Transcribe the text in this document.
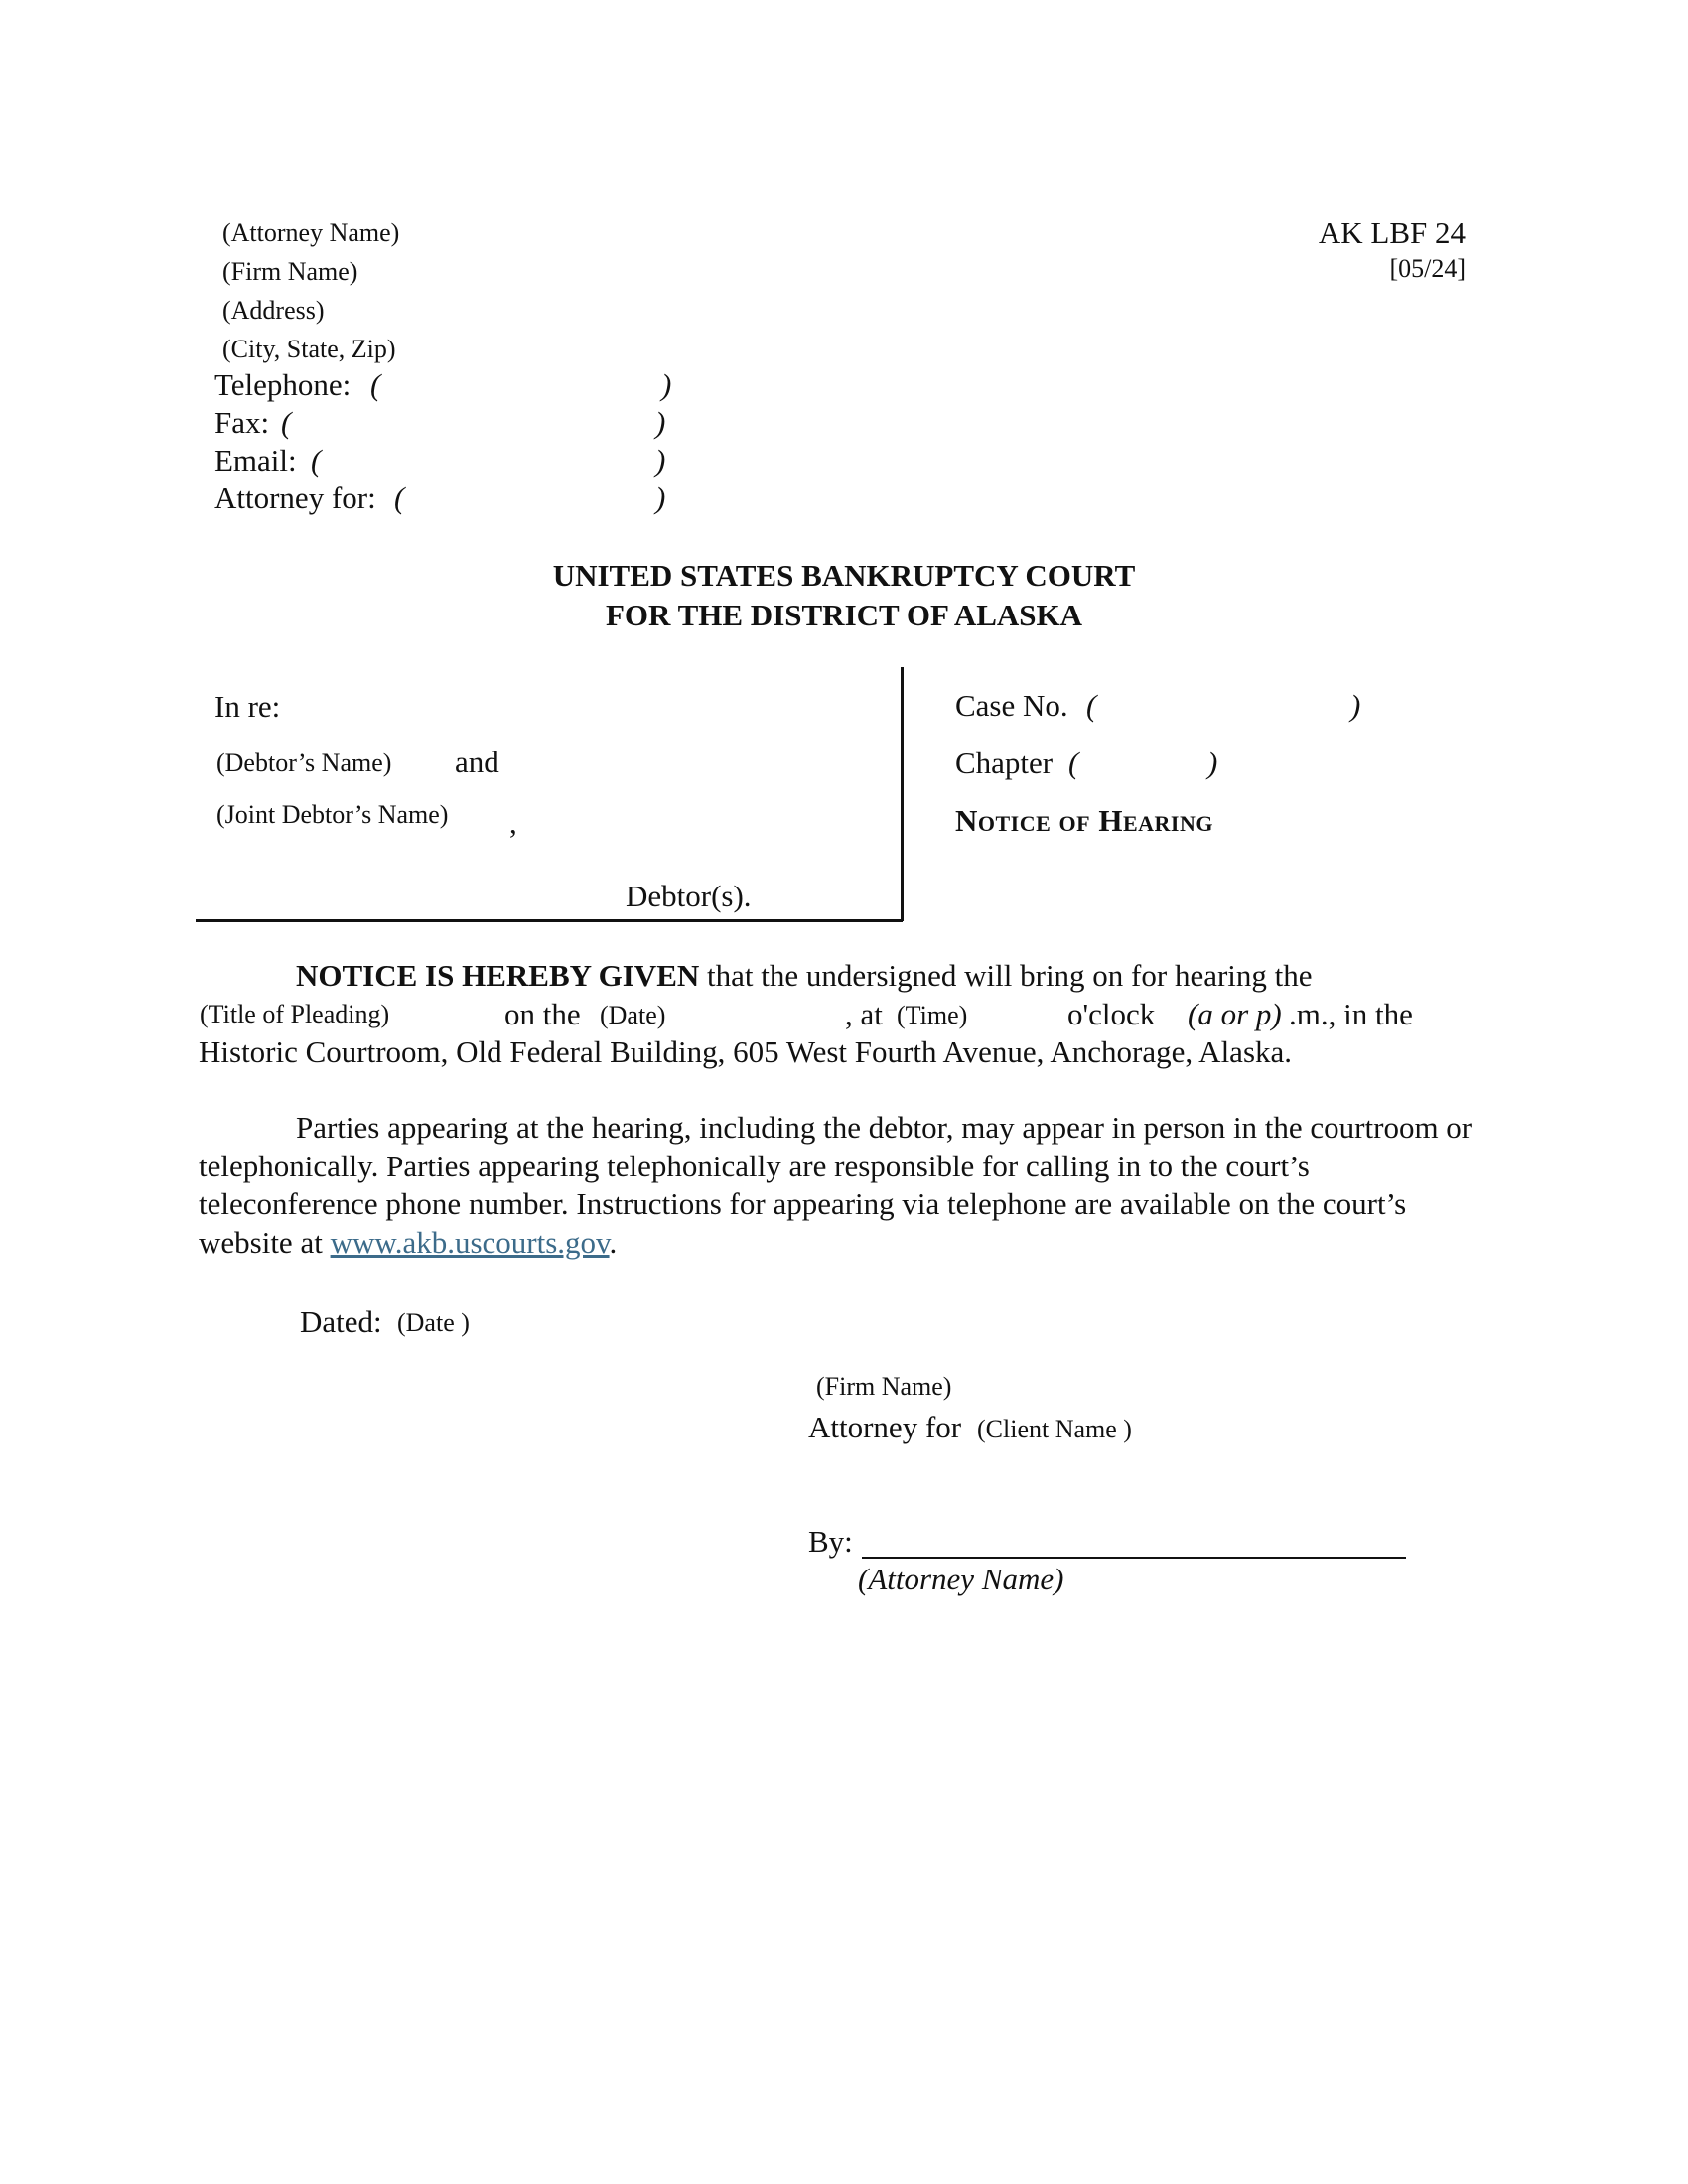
AK LBF 24
[05/24]
(Attorney Name)
(Firm Name)
(Address)
(City, State, Zip)
Telephone: (	)
Fax: (	)
Email: (	)
Attorney for: (	)
UNITED STATES BANKRUPTCY COURT
FOR THE DISTRICT OF ALASKA
In re:
(Debtor’s Name) and
(Joint Debtor’s Name) ,
Debtor(s).
Case No. (	)
Chapter (	)
Notice of Hearing
NOTICE IS HEREBY GIVEN that the undersigned will bring on for hearing the
(Title of Pleading)	on the (Date)	, at (Time)	o'clock (a or p) .m., in the
Historic Courtroom, Old Federal Building, 605 West Fourth Avenue, Anchorage, Alaska.
Parties appearing at the hearing, including the debtor, may appear in person in the courtroom or telephonically. Parties appearing telephonically are responsible for calling in to the court’s teleconference phone number. Instructions for appearing via telephone are available on the court’s website at www.akb.uscourts.gov.
Dated: (Date )
(Firm Name)
Attorney for (Client Name )
By:
(Attorney Name)
